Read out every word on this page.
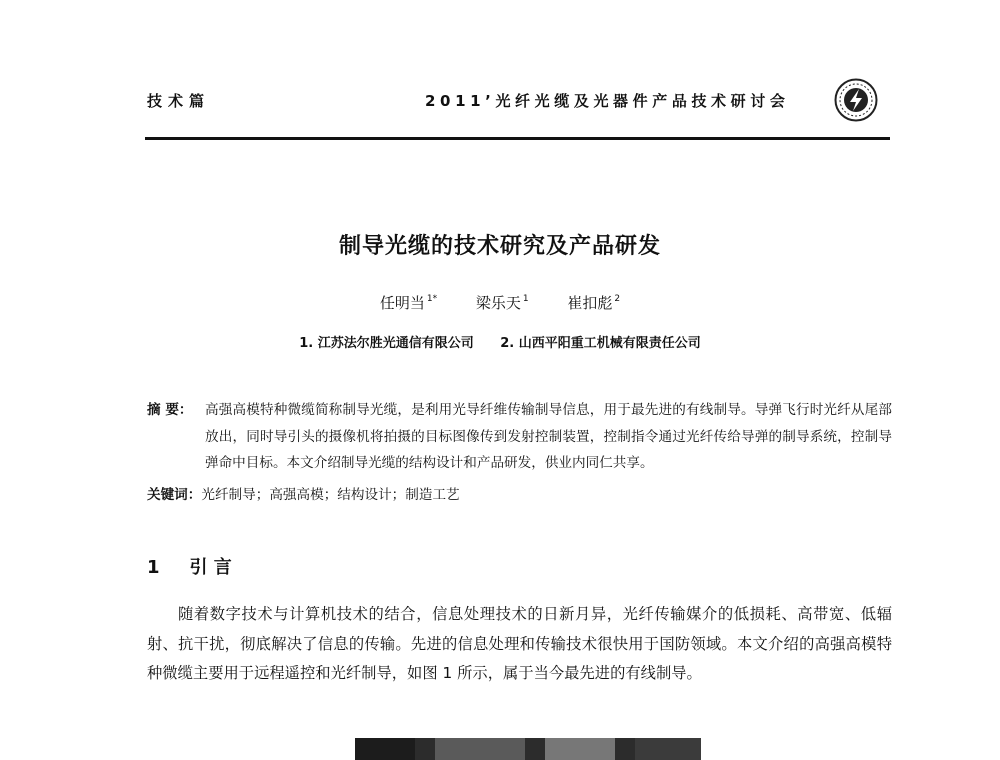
技术篇	2011’光纤光缆及光器件产品技术研讨会
制导光缆的技术研究及产品研发
任明当 $^{1*}$	梁乐天 $^1$	崔扣彪 $^2$
1. 江苏法尔胜光通信有限公司 2. 山西平阳重工机械有限责任公司
摘 要： 高强高模特种微缆简称制导光缆，是利用光导纤维传输制导信息，用于最先进的有线制导。导弹飞行时光纤从尾部放出，同时导引头的摄像机将拍摄的目标图像传到发射控制装置，控制指令通过光纤传给导弹的制导系统，控制导弹命中目标。本文介绍制导光缆的结构设计和产品研发，供业内同仁共享。
关键词：光纤制导；高强高模；结构设计；制造工艺
1 引 言
随着数字技术与计算机技术的结合，信息处理技术的日新月异，光纤传输媒介的低损耗、高带宽、低辐射、抗干扰，彻底解决了信息的传输。先进的信息处理和传输技术很快用于国防领域。本文介绍的高强高模特种微缆主要用于远程遥控和光纤制导，如图 1 所示，属于当今最先进的有线制导。
